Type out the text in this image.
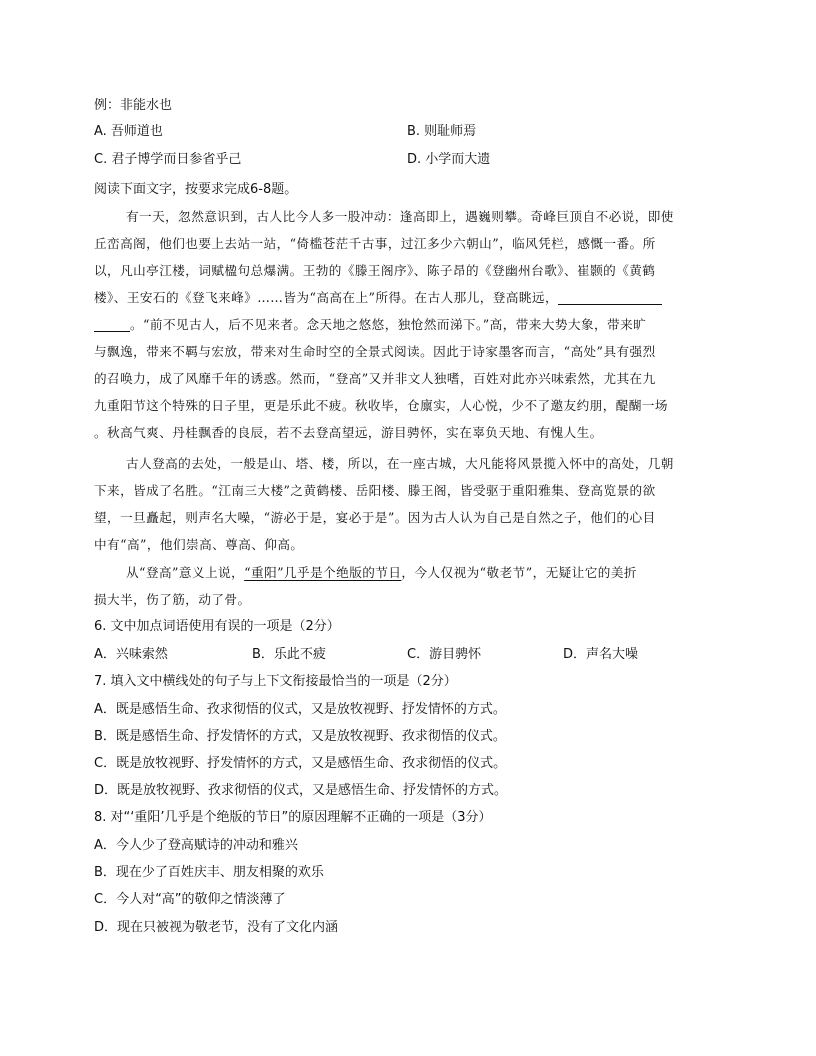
例：非能水也
A. 吾师道也	B. 则耻师焉
C. 君子博学而日参省乎己	D. 小学而大遗
阅读下面文字，按要求完成6-8题。
有一天，忽然意识到，古人比今人多一股冲动：逢高即上，遇巍则攀。奇峰巨顶自不必说，即使
丘峦高阁，他们也要上去站一站，“倚槛苍茫千古事，过江多少六朝山”，临风凭栏，感慨一番。所
以，凡山亭江楼，词赋楹句总爆满。王勃的《滕王阁序》、陈子昂的《登幽州台歌》、崔颢的《黄鹤
楼》、王安石的《登飞来峰》……皆为“高高在上”所得。在古人那儿，登高眺远，
。“前不见古人，后不见来者。念天地之悠悠，独怆然而涕下。”高，带来大势大象，带来旷
与飘逸，带来不羁与宏放，带来对生命时空的全景式阅读。因此于诗家墨客而言，“高处”具有强烈
的召唤力，成了风靡千年的诱惑。然而，“登高”又并非文人独嗜，百姓对此亦兴味索然，尤其在九
九重阳节这个特殊的日子里，更是乐此不疲。秋收毕，仓廪实，人心悦，少不了邀友约朋，醍醐一场
。秋高气爽、丹桂飘香的良辰，若不去登高望远，游目骋怀，实在辜负天地、有愧人生。
古人登高的去处，一般是山、塔、楼，所以，在一座古城，大凡能将风景揽入怀中的高处，几朝
下来，皆成了名胜。“江南三大楼”之黄鹤楼、岳阳楼、滕王阁，皆受驱于重阳雅集、登高览景的欲
望，一旦矗起，则声名大噪，“游必于是，宴必于是”。因为古人认为自己是自然之子，他们的心目
中有“高”，他们崇高、尊高、仰高。
从“登高”意义上说，“重阳”几乎是个绝版的节日，今人仅视为“敬老节”，无疑让它的美折
损大半，伤了筋，动了骨。
6. 文中加点词语使用有误的一项是（2分）
A．兴味索然	B．乐此不疲	C．游目骋怀	D．声名大噪
7. 填入文中横线处的句子与上下文衔接最恰当的一项是（2分）
A．既是感悟生命、孜求彻悟的仪式，又是放牧视野、抒发情怀的方式。
B．既是感悟生命、抒发情怀的方式，又是放牧视野、孜求彻悟的仪式。
C．既是放牧视野、抒发情怀的方式，又是感悟生命、孜求彻悟的仪式。
D．既是放牧视野、孜求彻悟的仪式，又是感悟生命、抒发情怀的方式。
8. 对“‘重阳’几乎是个绝版的节日”的原因理解不正确的一项是（3分）
A．今人少了登高赋诗的冲动和雅兴
B．现在少了百姓庆丰、朋友相聚的欢乐
C．今人对“高”的敬仰之情淡薄了
D．现在只被视为敬老节，没有了文化内涵
